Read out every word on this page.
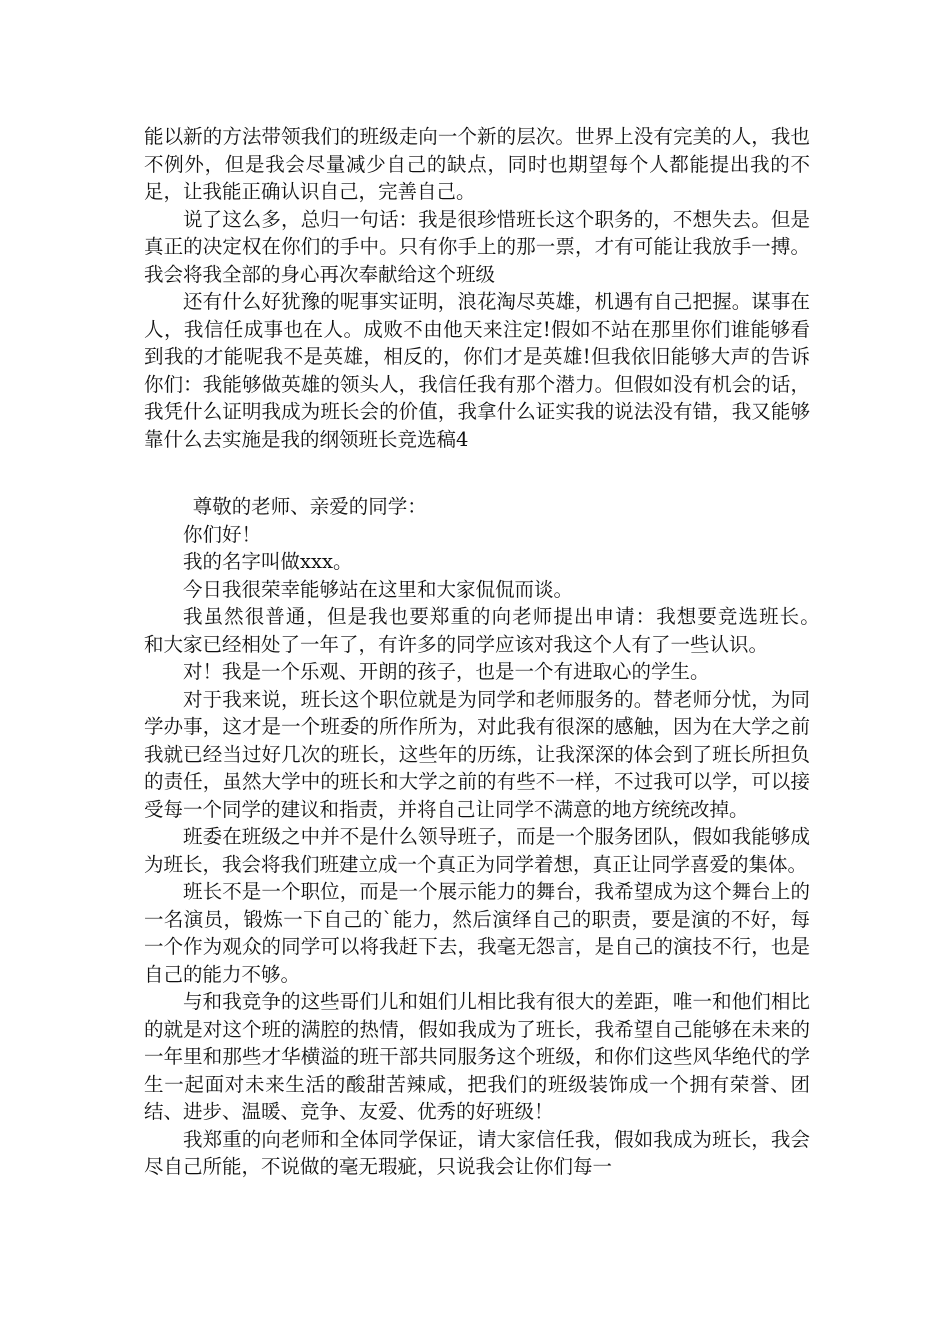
能以新的方法带领我们的班级走向一个新的层次。世界上没有完美的人，我也不例外，但是我会尽量减少自己的缺点，同时也期望每个人都能提出我的不足，让我能正确认识自己，完善自己。

说了这么多，总归一句话：我是很珍惜班长这个职务的，不想失去。但是真正的决定权在你们的手中。只有你手上的那一票，才有可能让我放手一搏。我会将我全部的身心再次奉献给这个班级

还有什么好犹豫的呢事实证明，浪花淘尽英雄，机遇有自己把握。谋事在人，我信任成事也在人。成败不由他天来注定!假如不站在那里你们谁能够看到我的才能呢我不是英雄，相反的，你们才是英雄!但我依旧能够大声的告诉你们：我能够做英雄的领头人，我信任我有那个潜力。但假如没有机会的话，我凭什么证明我成为班长会的价值，我拿什么证实我的说法没有错，我又能够靠什么去实施是我的纲领班长竞选稿4

尊敬的老师、亲爱的同学：

你们好！

我的名字叫做xxx。

今日我很荣幸能够站在这里和大家侃侃而谈。

我虽然很普通，但是我也要郑重的向老师提出申请：我想要竞选班长。　和大家已经相处了一年了，有许多的同学应该对我这个人有了一些认识。

对！我是一个乐观、开朗的孩子，也是一个有进取心的学生。

对于我来说，班长这个职位就是为同学和老师服务的。替老师分忧，为同学办事，这才是一个班委的所作所为，对此我有很深的感触，因为在大学之前我就已经当过好几次的班长，这些年的历练，让我深深的体会到了班长所担负的责任，虽然大学中的班长和大学之前的有些不一样，不过我可以学，可以接受每一个同学的建议和指责，并将自己让同学不满意的地方统统改掉。

班委在班级之中并不是什么领导班子，而是一个服务团队，假如我能够成为班长，我会将我们班建立成一个真正为同学着想，真正让同学喜爱的集体。

班长不是一个职位，而是一个展示能力的舞台，我希望成为这个舞台上的一名演员，锻炼一下自己的`能力，然后演绎自己的职责，要是演的不好，每一个作为观众的同学可以将我赶下去，我毫无怨言，是自己的演技不行，也是自己的能力不够。

与和我竞争的这些哥们儿和姐们儿相比我有很大的差距，唯一和他们相比的就是对这个班的满腔的热情，假如我成为了班长，我希望自己能够在未来的一年里和那些才华横溢的班干部共同服务这个班级，和你们这些风华绝代的学生一起面对未来生活的酸甜苦辣咸，把我们的班级装饰成一个拥有荣誉、团结、进步、温暖、竞争、友爱、优秀的好班级！

我郑重的向老师和全体同学保证，请大家信任我，假如我成为班长，我会尽自己所能，不说做的毫无瑕疵，只说我会让你们每一
